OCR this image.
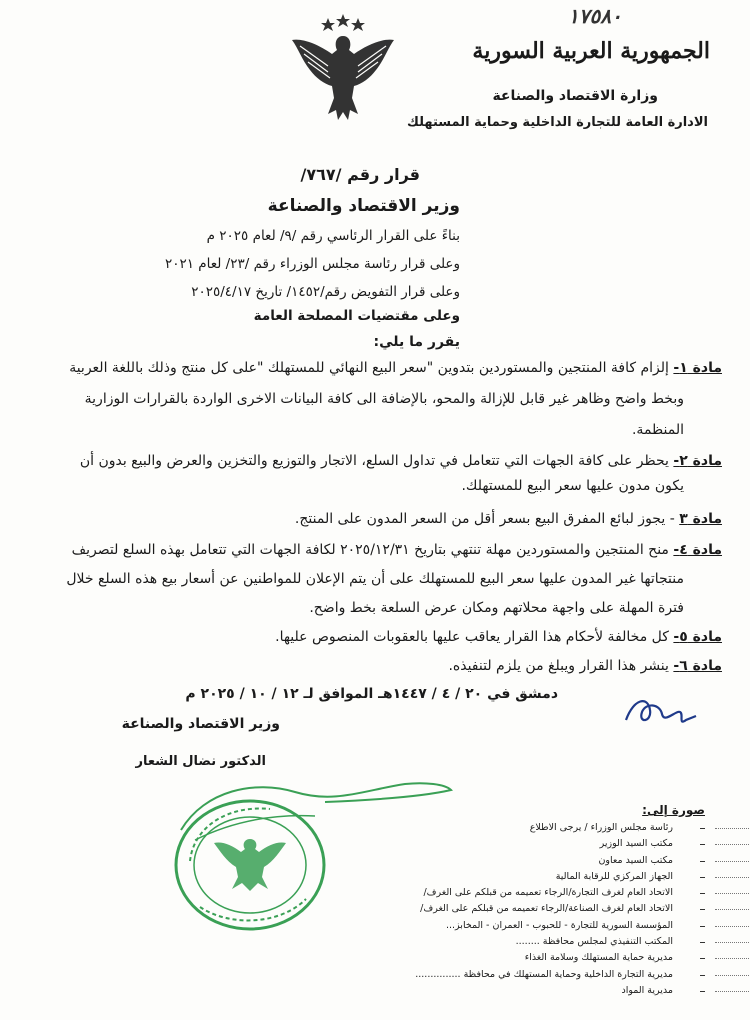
١٧٥٨٠
الجمهورية العربية السورية
وزارة الاقتصاد والصناعة
الادارة العامة للتجارة الداخلية وحماية المستهلك
قرار رقم /٧٦٧/
وزير الاقتصاد والصناعة
بناءً على القرار الرئاسي رقم /٩/ لعام ٢٠٢٥ م
وعلى قرار رئاسة مجلس الوزراء رقم /٢٣/ لعام ٢٠٢١
وعلى قرار التفويض رقم/١٤٥٢/ تاريخ ٢٠٢٥/٤/١٧
وعلى مقتضيات المصلحة العامة
يقرر ما يلي:
مادة ١- إلزام كافة المنتجين والمستوردين بتدوين "سعر البيع النهائي للمستهلك "على كل منتج وذلك باللغة العربية
وبخط واضح وظاهر غير قابل للإزالة والمحو، بالإضافة الى كافة البيانات الاخرى الواردة بالقرارات الوزارية
المنظمة.
مادة ٢- يحظر على كافة الجهات التي تتعامل في تداول السلع، الاتجار والتوزيع والتخزين والعرض والبيع بدون أن
يكون مدون عليها سعر البيع للمستهلك.
مادة ٣ - يجوز لبائع المفرق البيع بسعر أقل من السعر المدون على المنتج.
مادة ٤- منح المنتجين والمستوردين مهلة تنتهي بتاريخ ٢٠٢٥/١٢/٣١ لكافة الجهات التي تتعامل بهذه السلع لتصريف
منتجاتها غير المدون عليها سعر البيع للمستهلك على أن يتم الإعلان للمواطنين عن أسعار بيع هذه السلع خلال
فترة المهلة على واجهة محلاتهم ومكان عرض السلعة بخط واضح.
مادة ٥- كل مخالفة لأحكام هذا القرار يعاقب عليها بالعقوبات المنصوص عليها.
مادة ٦- ينشر هذا القرار ويبلغ من يلزم لتنفيذه.
دمشق في ٢٠ / ٤ / ١٤٤٧هـ الموافق لـ ١٢ / ١٠ / ٢٠٢٥ م
وزير الاقتصاد والصناعة
الدكتور نضال الشعار
صورة إلى:
رئاسة مجلس الوزراء / يرجى الاطلاع
مكتب السيد الوزير
مكتب السيد معاون
الجهاز المركزي للرقابة المالية
الاتحاد العام لغرف التجارة/الرجاء تعميمه من قبلكم على الغرف/
الاتحاد العام لغرف الصناعة/الرجاء تعميمه من قبلكم على الغرف/
المؤسسة السورية للتجارة - للحبوب - العمران - المخابز...
المكتب التنفيذي لمجلس محافظة ........
مديرية حماية المستهلك وسلامة الغذاء
مديرية التجارة الداخلية وحماية المستهلك في محافظة ...............
مديرية المواد
